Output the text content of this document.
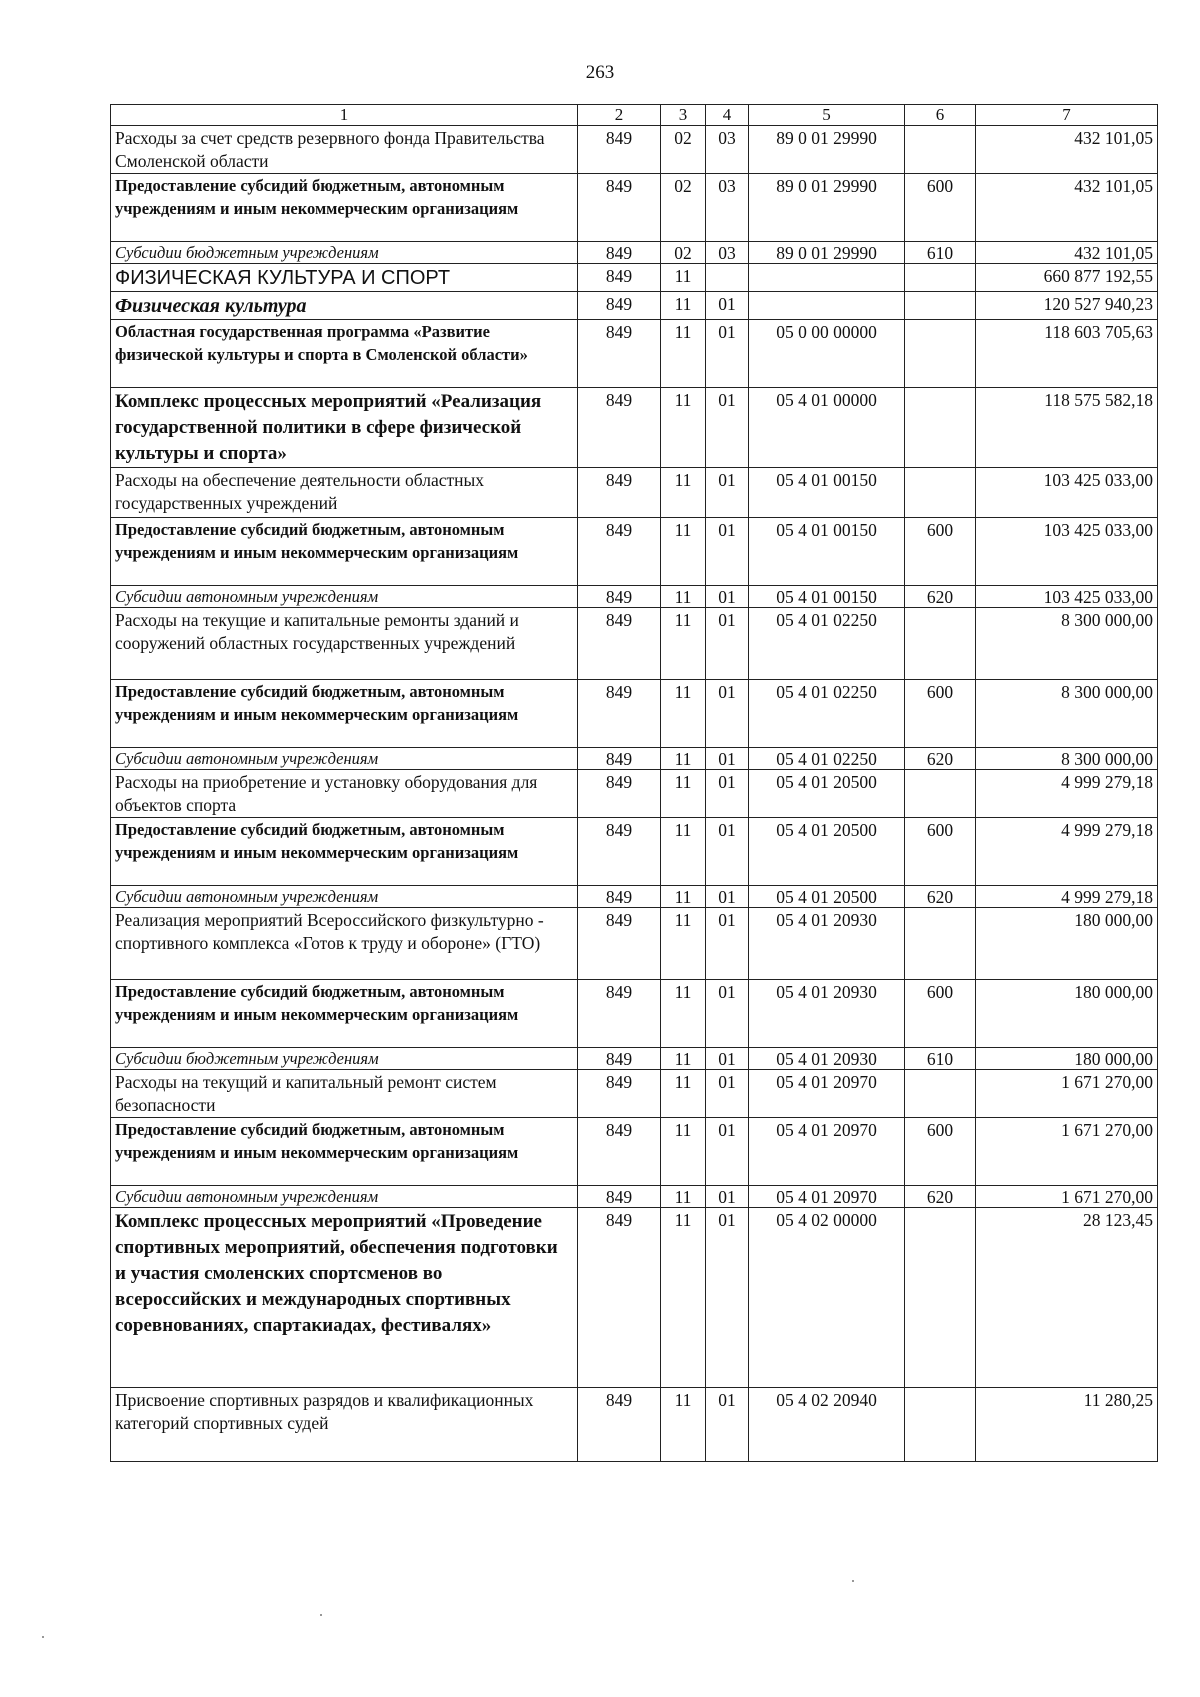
263
1	2	3	4	5	6	7
Расходы за счет средств резервного фонда Правительства Смоленской области	849	02	03	89 0 01 29990		432 101,05
Предоставление субсидий бюджетным, автономным учреждениям и иным некоммерческим организациям	849	02	03	89 0 01 29990	600	432 101,05
Субсидии бюджетным учреждениям	849	02	03	89 0 01 29990	610	432 101,05
ФИЗИЧЕСКАЯ КУЛЬТУРА И СПОРТ	849	11				660 877 192,55
Физическая культура	849	11	01			120 527 940,23
Областная государственная программа «Развитие физической культуры и спорта в Смоленской области»	849	11	01	05 0 00 00000		118 603 705,63
Комплекс процессных мероприятий «Реализация государственной политики в сфере физической культуры и спорта»	849	11	01	05 4 01 00000		118 575 582,18
Расходы на обеспечение деятельности областных государственных учреждений	849	11	01	05 4 01 00150		103 425 033,00
Предоставление субсидий бюджетным, автономным учреждениям и иным некоммерческим организациям	849	11	01	05 4 01 00150	600	103 425 033,00
Субсидии автономным учреждениям	849	11	01	05 4 01 00150	620	103 425 033,00
Расходы на текущие и капитальные ремонты зданий и сооружений областных государственных учреждений	849	11	01	05 4 01 02250		8 300 000,00
Предоставление субсидий бюджетным, автономным учреждениям и иным некоммерческим организациям	849	11	01	05 4 01 02250	600	8 300 000,00
Субсидии автономным учреждениям	849	11	01	05 4 01 02250	620	8 300 000,00
Расходы на приобретение и установку оборудования для объектов спорта	849	11	01	05 4 01 20500		4 999 279,18
Предоставление субсидий бюджетным, автономным учреждениям и иным некоммерческим организациям	849	11	01	05 4 01 20500	600	4 999 279,18
Субсидии автономным учреждениям	849	11	01	05 4 01 20500	620	4 999 279,18
Реализация мероприятий Всероссийского физкультурно - спортивного комплекса «Готов к труду и обороне» (ГТО)	849	11	01	05 4 01 20930		180 000,00
Предоставление субсидий бюджетным, автономным учреждениям и иным некоммерческим организациям	849	11	01	05 4 01 20930	600	180 000,00
Субсидии бюджетным учреждениям	849	11	01	05 4 01 20930	610	180 000,00
Расходы на текущий и капитальный ремонт систем безопасности	849	11	01	05 4 01 20970		1 671 270,00
Предоставление субсидий бюджетным, автономным учреждениям и иным некоммерческим организациям	849	11	01	05 4 01 20970	600	1 671 270,00
Субсидии автономным учреждениям	849	11	01	05 4 01 20970	620	1 671 270,00
Комплекс процессных мероприятий «Проведение спортивных мероприятий, обеспечения подготовки и участия смоленских спортсменов во всероссийских и международных спортивных соревнованиях, спартакиадах, фестивалях»	849	11	01	05 4 02 00000		28 123,45
Присвоение спортивных разрядов и квалификационных категорий спортивных судей	849	11	01	05 4 02 20940		11 280,25
